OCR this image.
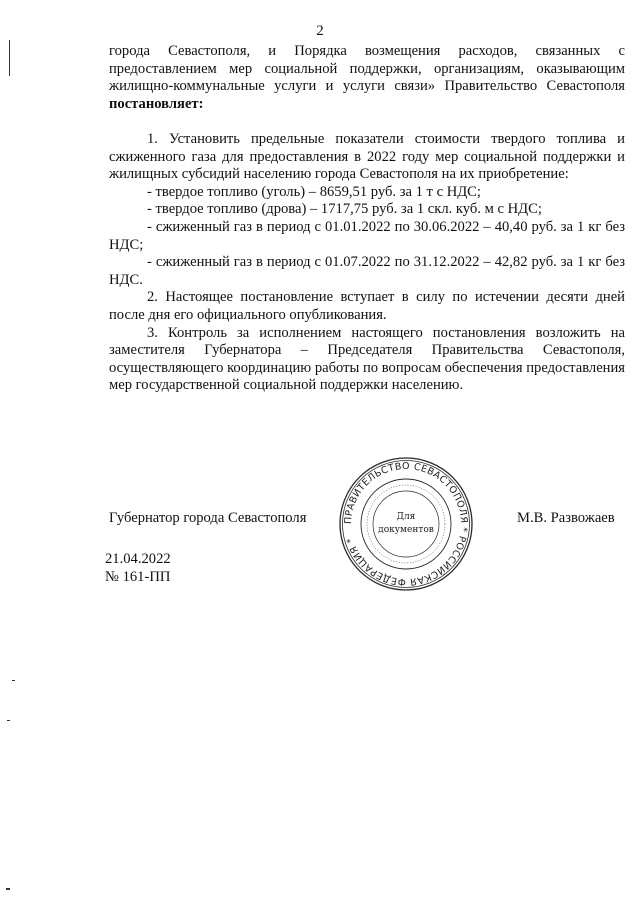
2

города Севастополя, и Порядка возмещения расходов, связанных с предоставлением мер социальной поддержки, организациям, оказывающим жилищно-коммунальные услуги и услуги связи» Правительство Севастополя постановляет:

1. Установить предельные показатели стоимости твердого топлива и сжиженного газа для предоставления в 2022 году мер социальной поддержки и жилищных субсидий населению города Севастополя на их приобретение:

- твердое топливо (уголь) – 8659,51 руб. за 1 т с НДС;

- твердое топливо (дрова) – 1717,75 руб. за 1 скл. куб. м с НДС;

- сжиженный газ в период с 01.01.2022 по 30.06.2022 – 40,40 руб. за 1 кг без НДС;

- сжиженный газ в период с 01.07.2022 по 31.12.2022 – 42,82 руб. за 1 кг без НДС.

2. Настоящее постановление вступает в силу по истечении десяти дней после дня его официального опубликования.

3. Контроль за исполнением настоящего постановления возложить на заместителя Губернатора – Председателя Правительства Севастополя, осуществляющего координацию работы по вопросам обеспечения предоставления мер государственной социальной поддержки населению.

Губернатор города Севастополя	М.В. Развожаев
ПРАВИТЕЛЬСТВО СЕВАСТОПОЛЯ * РОССИЙСКАЯ ФЕДЕРАЦИЯ *
Для
документов
21.04.2022
№ 161-ПП
